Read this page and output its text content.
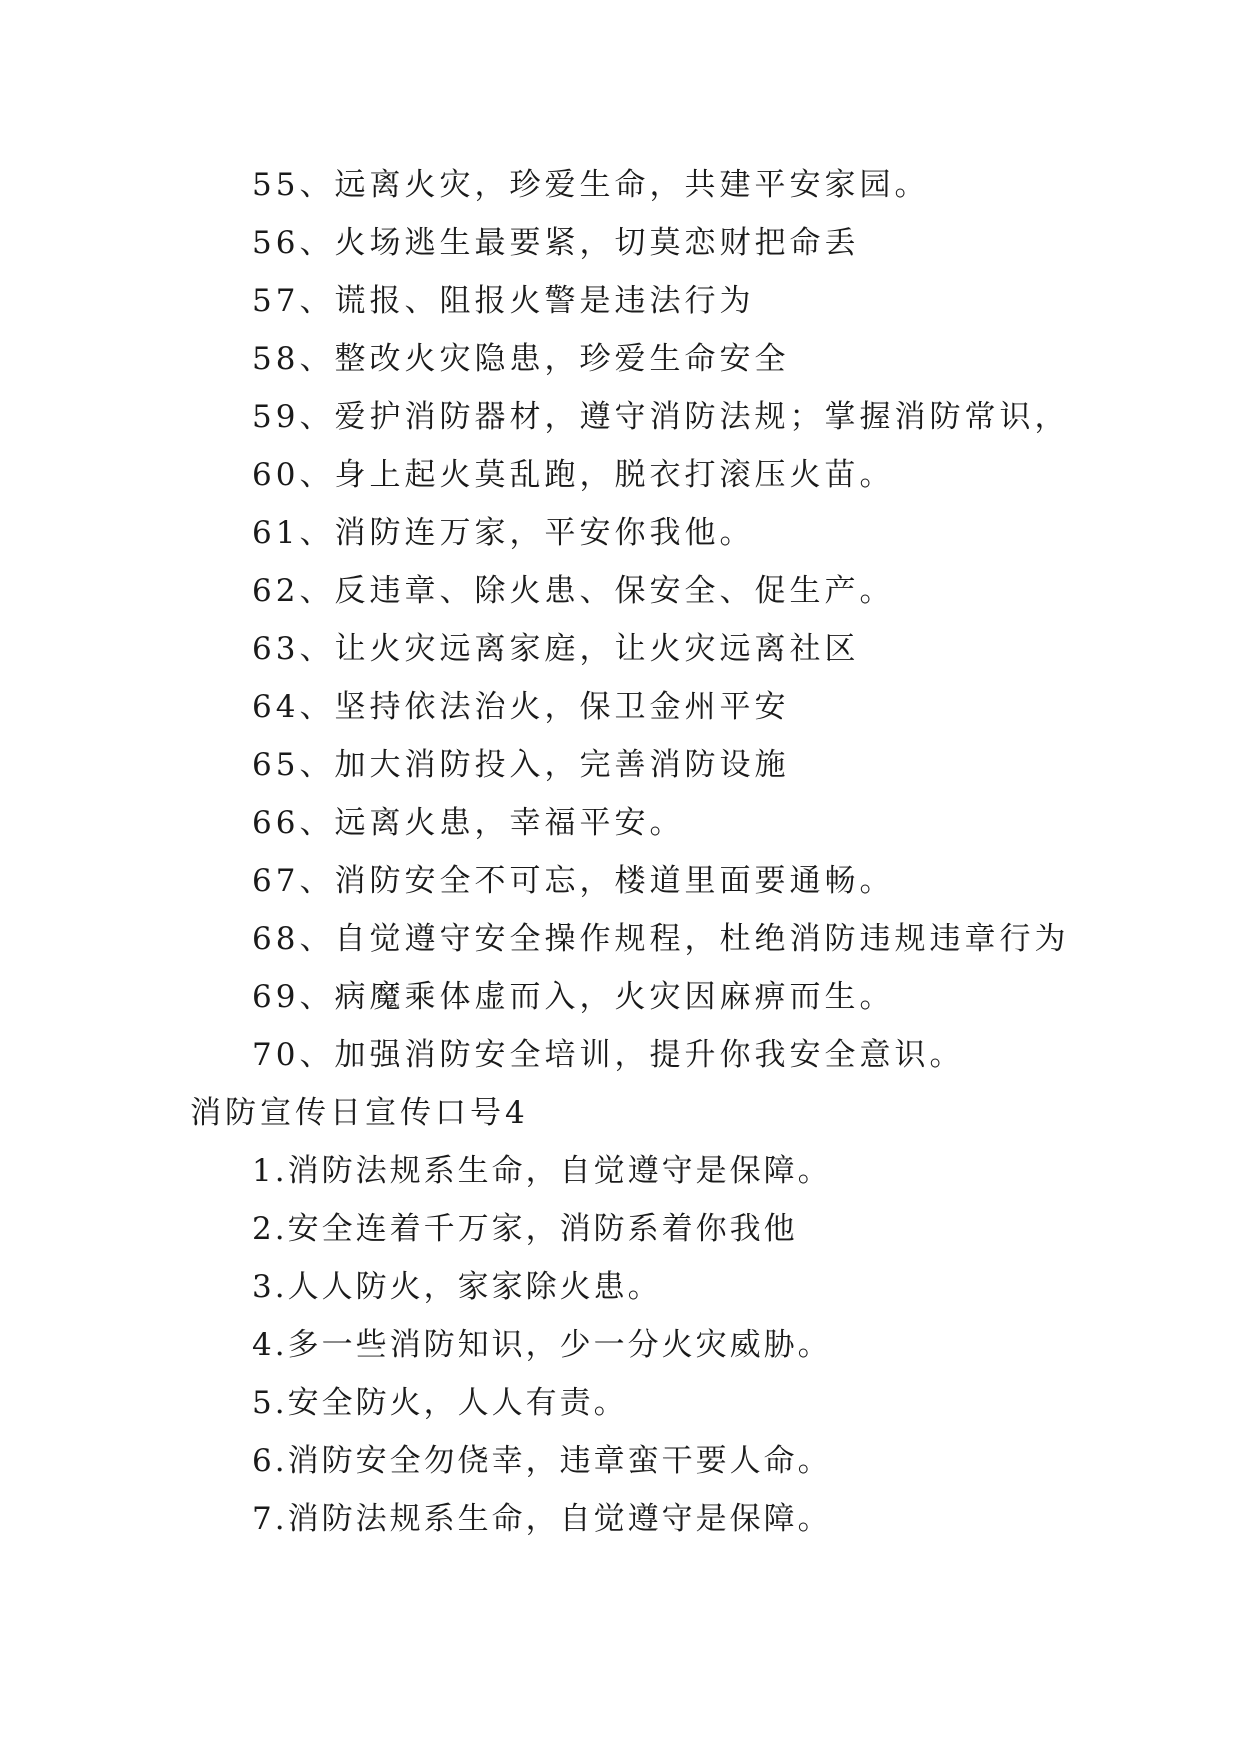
55、远离火灾，珍爱生命，共建平安家园。
56、火场逃生最要紧，切莫恋财把命丢
57、谎报、阻报火警是违法行为
58、整改火灾隐患，珍爱生命安全
59、爱护消防器材，遵守消防法规；掌握消防常识，
60、身上起火莫乱跑，脱衣打滚压火苗。
61、消防连万家，平安你我他。
62、反违章、除火患、保安全、促生产。
63、让火灾远离家庭，让火灾远离社区
64、坚持依法治火，保卫金州平安
65、加大消防投入，完善消防设施
66、远离火患，幸福平安。
67、消防安全不可忘，楼道里面要通畅。
68、自觉遵守安全操作规程，杜绝消防违规违章行为
69、病魔乘体虚而入，火灾因麻痹而生。
70、加强消防安全培训，提升你我安全意识。
消防宣传日宣传口号4
1.消防法规系生命，自觉遵守是保障。
2.安全连着千万家，消防系着你我他
3.人人防火，家家除火患。
4.多一些消防知识，少一分火灾威胁。
5.安全防火，人人有责。
6.消防安全勿侥幸，违章蛮干要人命。
7.消防法规系生命，自觉遵守是保障。
